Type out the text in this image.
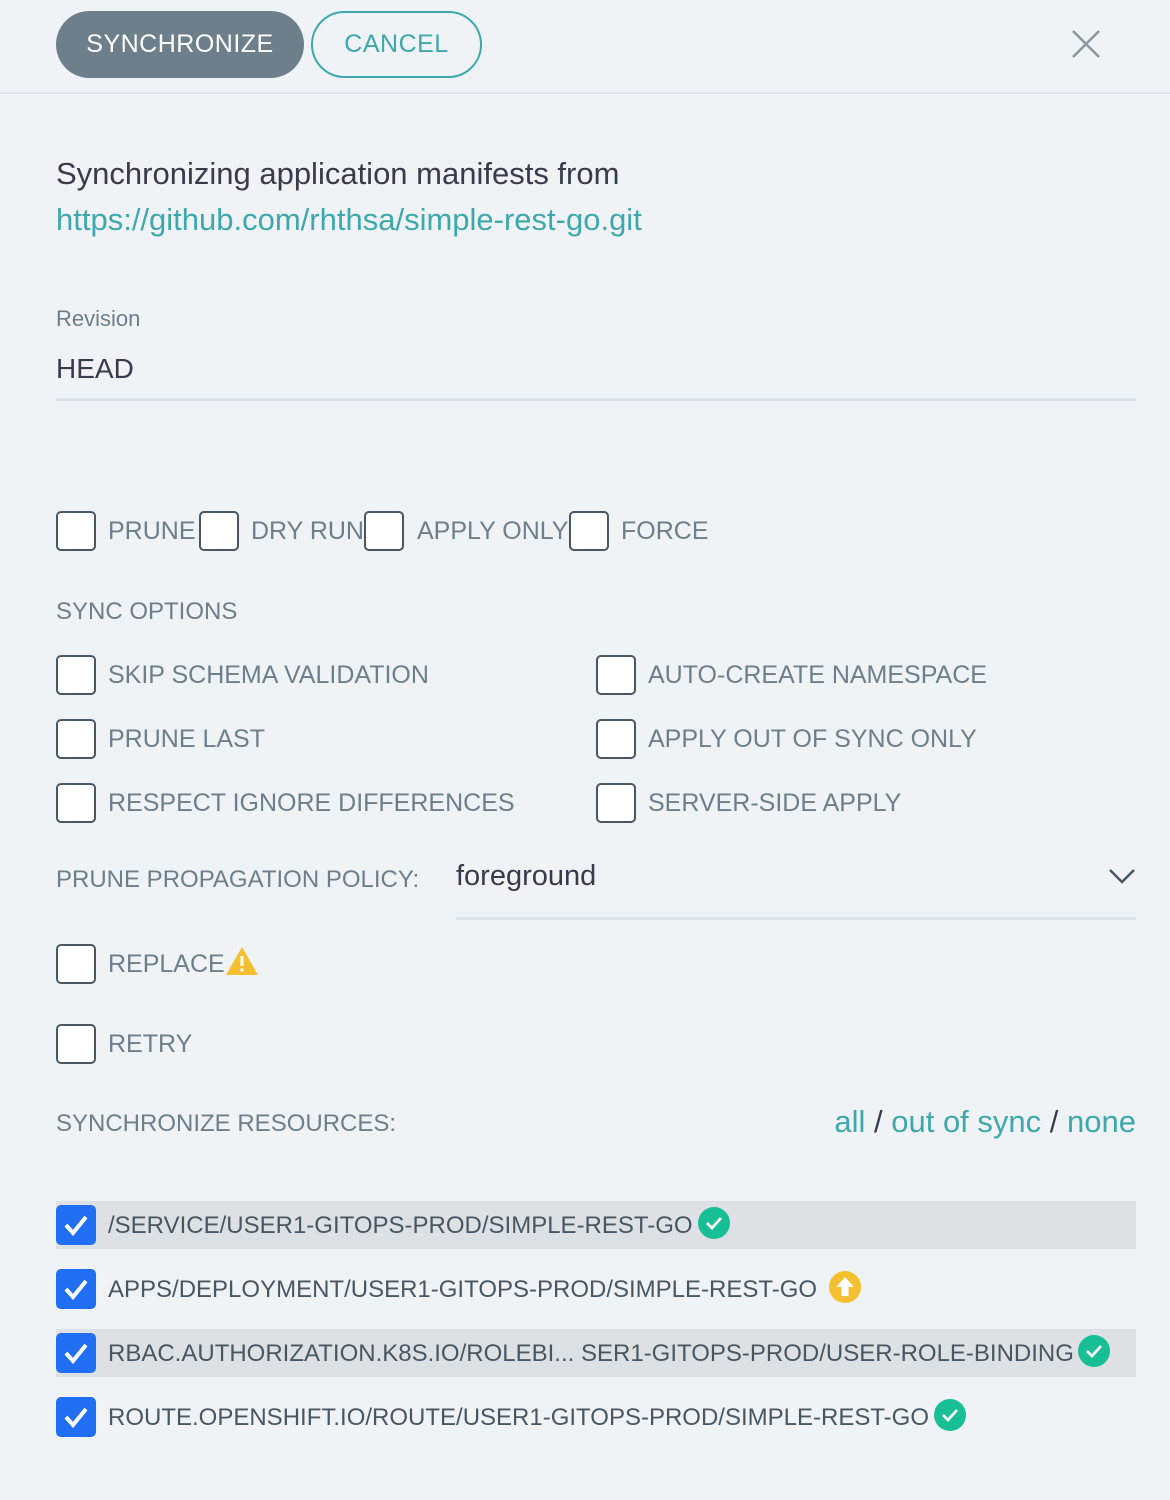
SYNCHRONIZE	CANCEL
Synchronizing application manifests from
https://github.com/rhthsa/simple-rest-go.git
Revision
HEAD
PRUNE DRY RUN APPLY ONLY FORCE
SYNC OPTIONS
SKIP SCHEMA VALIDATION	AUTO-CREATE NAMESPACE
PRUNE LAST	APPLY OUT OF SYNC ONLY
RESPECT IGNORE DIFFERENCES	SERVER-SIDE APPLY
PRUNE PROPAGATION POLICY: foreground
REPLACE
RETRY
SYNCHRONIZE RESOURCES:	all / out of sync / none
/SERVICE/USER1-GITOPS-PROD/SIMPLE-REST-GO
APPS/DEPLOYMENT/USER1-GITOPS-PROD/SIMPLE-REST-GO
RBAC.AUTHORIZATION.K8S.IO/ROLEBI... SER1-GITOPS-PROD/USER-ROLE-BINDING
ROUTE.OPENSHIFT.IO/ROUTE/USER1-GITOPS-PROD/SIMPLE-REST-GO
